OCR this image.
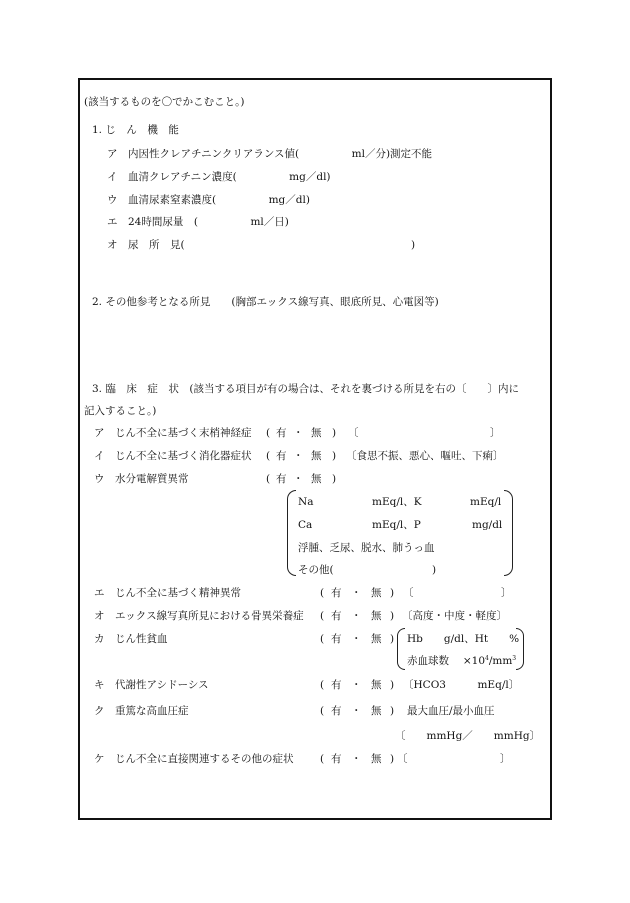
(該当するものを〇でかこむこと。)
1. じ　ん　機　能
ア　内因性クレアチニンクリアランス値(　　　　　ml／分)測定不能
イ　血清クレアチニン濃度(　　　　　mg／dl)
ウ　血清尿素窒素濃度(　　　　　mg／dl)
エ　24時間尿量　(　　　　　ml／日)
オ　尿　所　見(	)
2. その他参考となる所見　　(胸部エックス線写真、眼底所見、心電図等)
3. 臨　床　症　状　(該当する項目が有の場合は、それを裏づける所見を右の〔　　〕内に
記入すること。)
ア　じん不全に基づく末梢神経症 ( 有 ・ 無 ) 〔	〕
イ　じん不全に基づく消化器症状 ( 有 ・ 無 ) 〔食思不振、悪心、嘔吐、下痢〕
ウ　水分電解質異常	( 有 ・ 無 )
Na	mEq/l、K	mEq/l
Ca	mEq/l、P	mg/dl
浮腫、乏尿、脱水、肺うっ血
その他(	)
エ　じん不全に基づく精神異常	( 有 ・ 無 ) 〔	〕
オ　エックス線写真所見における骨異栄養症 ( 有 ・ 無 ) 〔高度・中度・軽度〕
カ　じん性貧血	( 有 ・ 無 ) Hb　　g/dl、Ht　　%
赤血球数　 $\times 10^4/mm^3$
キ　代謝性アシドーシス	( 有 ・ 無 ) 〔HCO3　　　mEq/l〕
ク　重篤な高血圧症	( 有 ・ 無 ) 最大血圧/最小血圧
〔　　mmHg／　　mmHg〕
ケ　じん不全に直接関連するその他の症状	( 有 ・ 無 ) 〔	〕
